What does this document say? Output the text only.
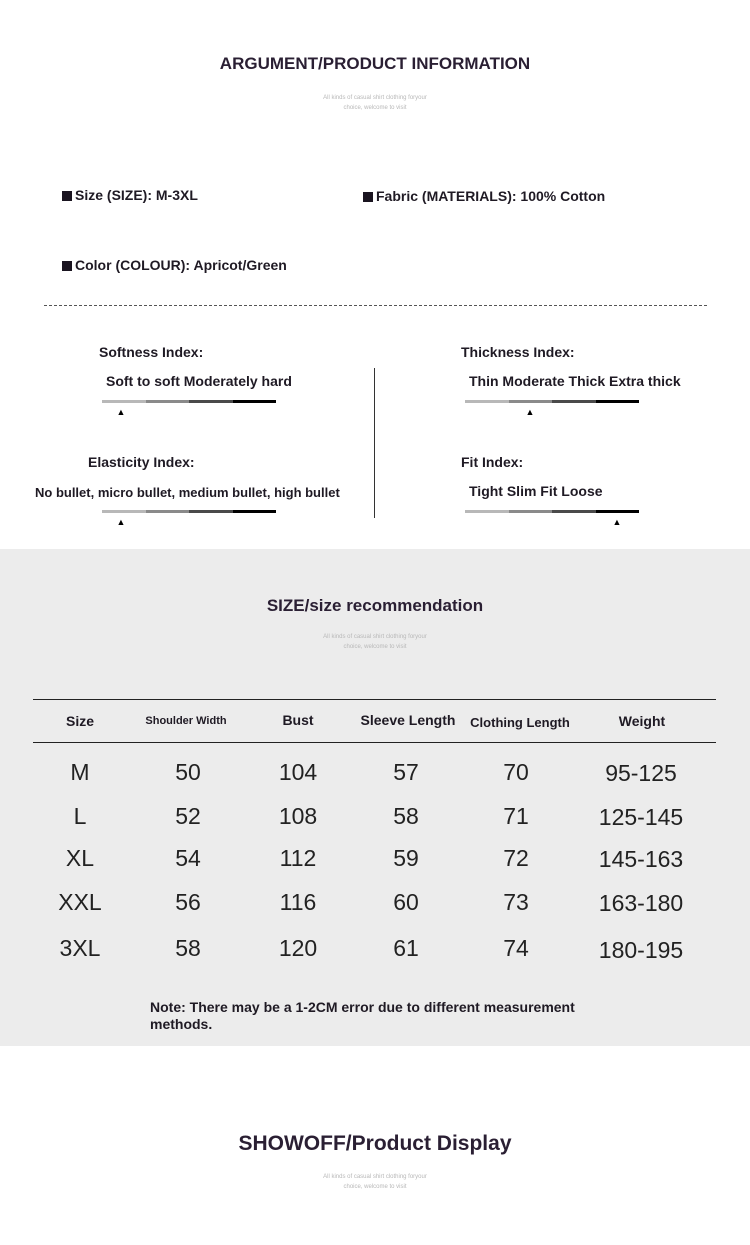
ARGUMENT/PRODUCT INFORMATION
All kinds of casual shirt clothing foryour
choice, welcome to visit
Size (SIZE): M-3XL	Fabric (MATERIALS): 100% Cotton
Color (COLOUR): Apricot/Green
Softness Index:
Soft to soft Moderately hard
▲
Thickness Index:
Thin Moderate Thick Extra thick
▲
Elasticity Index:
No bullet, micro bullet, medium bullet, high bullet
▲
Fit Index:
Tight Slim Fit Loose
▲
SIZE/size recommendation
All kinds of casual shirt clothing foryour
choice, welcome to visit
Size	Shoulder Width	Bust	Sleeve Length	Clothing Length	Weight
M	50	104	57	70	95-125
L	52	108	58	71	125-145
XL	54	112	59	72	145-163
XXL	56	116	60	73	163-180
3XL	58	120	61	74	180-195
Note: There may be a 1-2CM error due to different measurement methods.
SHOWOFF/Product Display
All kinds of casual shirt clothing foryour
choice, welcome to visit
